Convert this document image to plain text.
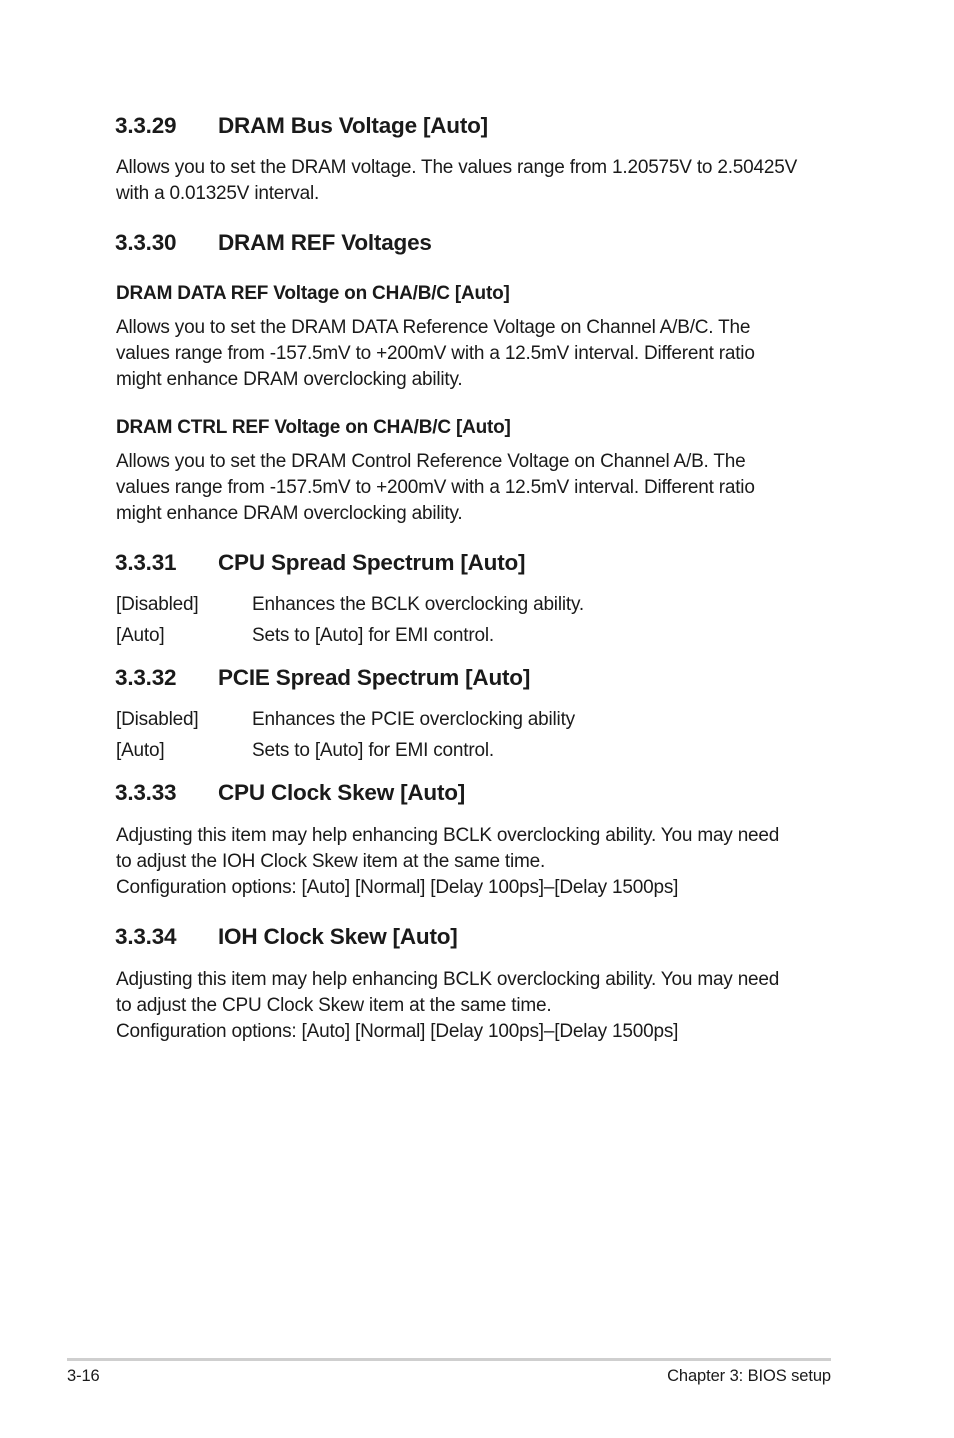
3.3.29 DRAM Bus Voltage [Auto]
Allows you to set the DRAM voltage. The values range from 1.20575V to 2.50425V
with a 0.01325V interval.
3.3.30 DRAM REF Voltages
DRAM DATA REF Voltage on CHA/B/C [Auto]
Allows you to set the DRAM DATA Reference Voltage on Channel A/B/C. The
values range from -157.5mV to +200mV with a 12.5mV interval. Different ratio
might enhance DRAM overclocking ability.
DRAM CTRL REF Voltage on CHA/B/C [Auto]
Allows you to set the DRAM Control Reference Voltage on Channel A/B. The
values range from -157.5mV to +200mV with a 12.5mV interval. Different ratio
might enhance DRAM overclocking ability.
3.3.31 CPU Spread Spectrum [Auto]
[Disabled]	Enhances the BCLK overclocking ability.
[Auto]	Sets to [Auto] for EMI control.
3.3.32 PCIE Spread Spectrum [Auto]
[Disabled]	Enhances the PCIE overclocking ability
[Auto]	Sets to [Auto] for EMI control.
3.3.33 CPU Clock Skew [Auto]
Adjusting this item may help enhancing BCLK overclocking ability. You may need
to adjust the IOH Clock Skew item at the same time.
Configuration options: [Auto] [Normal] [Delay 100ps]–[Delay 1500ps]
3.3.34 IOH Clock Skew [Auto]
Adjusting this item may help enhancing BCLK overclocking ability. You may need
to adjust the CPU Clock Skew item at the same time.
Configuration options: [Auto] [Normal] [Delay 100ps]–[Delay 1500ps]
3-16	Chapter 3: BIOS setup
